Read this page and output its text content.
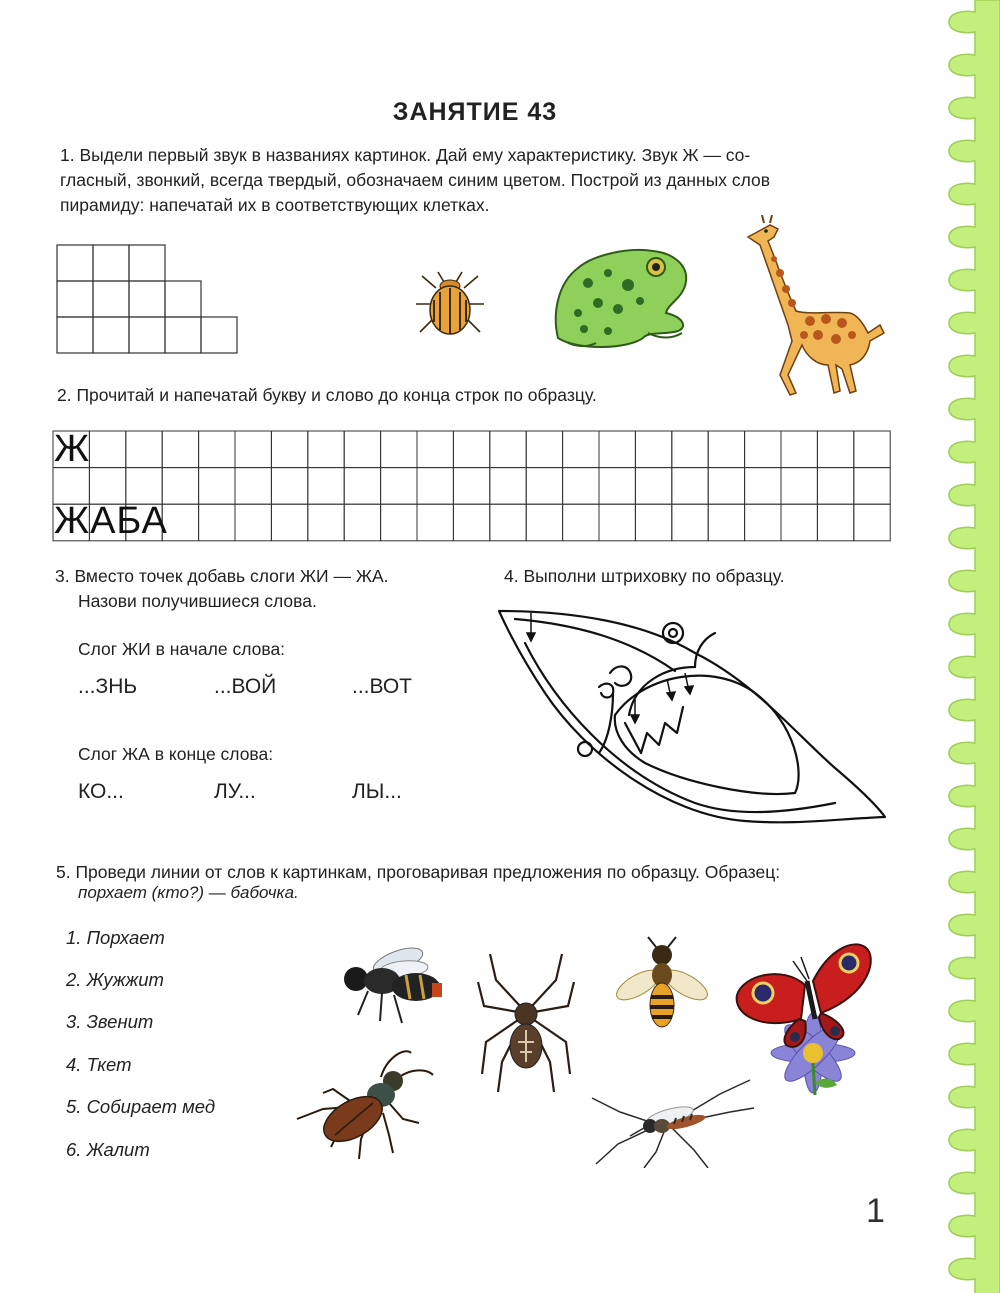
ЗАНЯТИЕ 43
1. Выдели первый звук в названиях картинок. Дай ему характеристику. Звук Ж — со-
гласный, звонкий, всегда твердый, обозначаем синим цветом. Построй из данных слов
пирамиду: напечатай их в соответствующих клетках.
2. Прочитай и напечатай букву и слово до конца строк по образцу.
Ж
ЖАБА
3. Вместо точек добавь слоги ЖИ — ЖА.
Назови получившиеся слова.
Слог ЖИ в начале слова:
...ЗНЬ	...ВОЙ	...ВОТ
Слог ЖА в конце слова:
КО...	ЛУ...	ЛЫ...
4. Выполни штриховку по образцу.
5. Проведи линии от слов к картинкам, проговаривая предложения по образцу. Образец:
порхает (кто?) — бабочка.
1. Порхает
2. Жужжит
3. Звенит
4. Ткет
5. Собирает мед
6. Жалит
1
